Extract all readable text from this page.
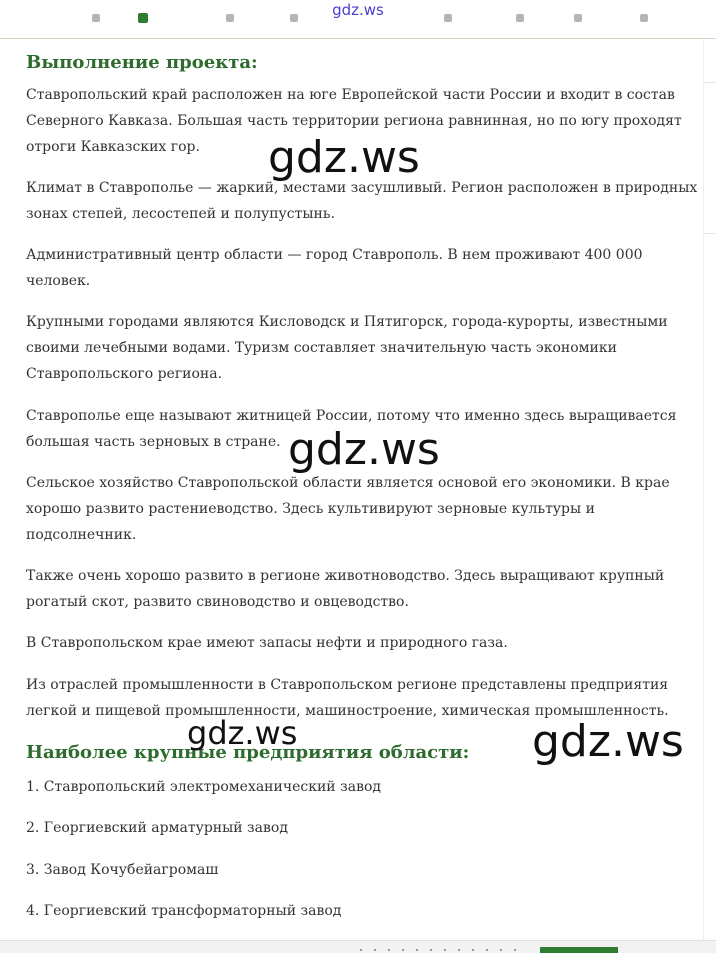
gdz.ws
Выполнение проекта:

Ставропольский край расположен на юге Европейской части России и входит в состав Северного Кавказа. Большая часть территории региона равнинная, но по югу проходят отроги Кавказских гор.

Климат в Ставрополье — жаркий, местами засушливый. Регион расположен в природных зонах степей, лесостепей и полупустынь.

Административный центр области — город Ставрополь. В нем проживают 400 000 человек.

Крупными городами являются Кисловодск и Пятигорск, города-курорты, известными своими лечебными водами. Туризм составляет значительную часть экономики Ставропольского региона.

Ставрополье еще называют житницей России, потому что именно здесь выращивается большая часть зерновых в стране.

Сельское хозяйство Ставропольской области является основой его экономики. В крае хорошо развито растениеводство. Здесь культивируют зерновые культуры и подсолнечник.

Также очень хорошо развито в регионе животноводство. Здесь выращивают крупный рогатый скот, развито свиноводство и овцеводство.

В Ставропольском крае имеют запасы нефти и природного газа.

Из отраслей промышленности в Ставропольском регионе представлены предприятия легкой и пищевой промышленности, машиностроение, химическая промышленность.

Наиболее крупные предприятия области:

1. Ставропольский электромеханический завод

2. Георгиевский арматурный завод

3. Завод Кочубейагромаш

4. Георгиевский трансформаторный завод

gdz.ws
gdz.ws
gdz.ws	gdz.ws
